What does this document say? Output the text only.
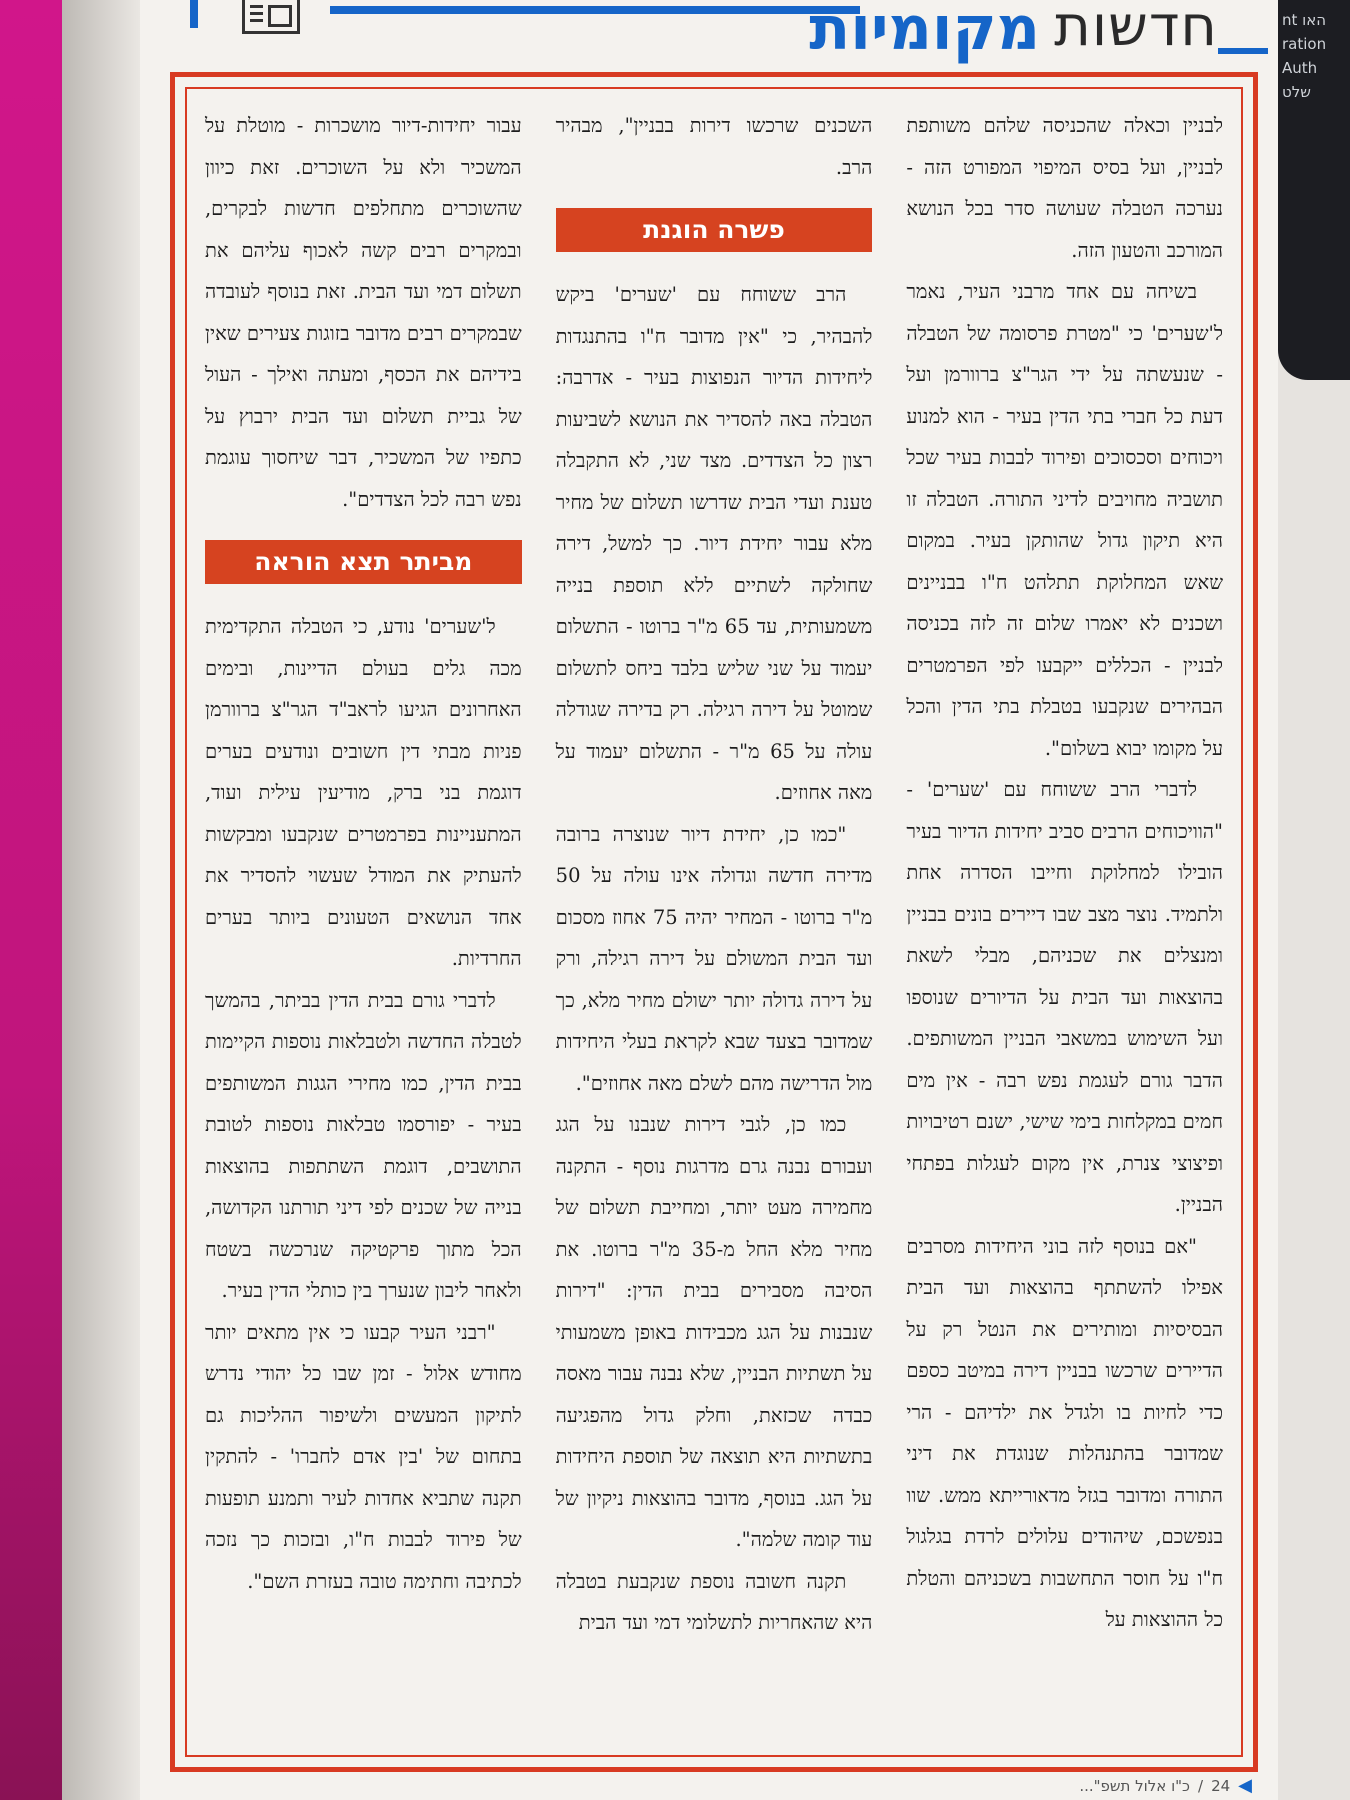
nt האו
ration Auth
שלט
חדשות
מקומיות

לבניין וכאלה שהכניסה שלהם משותפת לבניין, ועל בסיס המיפוי המפורט הזה - נערכה הטבלה שעושה סדר בכל הנושא המורכב והטעון הזה.

בשיחה עם אחד מרבני העיר, נאמר ל'שערים' כי "מטרת פרסומה של הטבלה - שנעשתה על ידי הגר"צ ברוורמן ועל דעת כל חברי בתי הדין בעיר - הוא למנוע ויכוחים וסכסוכים ופירוד לבבות בעיר שכל תושביה מחויבים לדיני התורה. הטבלה זו היא תיקון גדול שהותקן בעיר. במקום שאש המחלוקת תתלהט ח"ו בבניינים ושכנים לא יאמרו שלום זה לזה בכניסה לבניין - הכללים ייקבעו לפי הפרמטרים הבהירים שנקבעו בטבלת בתי הדין והכל על מקומו יבוא בשלום".

לדברי הרב ששוחח עם 'שערים' - "הוויכוחים הרבים סביב יחידות הדיור בעיר הובילו למחלוקת וחייבו הסדרה אחת ולתמיד. נוצר מצב שבו דיירים בונים בבניין ומנצלים את שכניהם, מבלי לשאת בהוצאות ועד הבית על הדיורים שנוספו ועל השימוש במשאבי הבניין המשותפים. הדבר גורם לעגמת נפש רבה - אין מים חמים במקלחות בימי שישי, ישנם רטיבויות ופיצוצי צנרת, אין מקום לעגלות בפתחי הבניין.

"אם בנוסף לזה בוני היחידות מסרבים אפילו להשתתף בהוצאות ועד הבית הבסיסיות ומותירים את הנטל רק על הדיירים שרכשו בבניין דירה במיטב כספם כדי לחיות בו ולגדל את ילדיהם - הרי שמדובר בהתנהלות שנוגדת את דיני התורה ומדובר בגזל מדאורייתא ממש. שוו בנפשכם, שיהודים עלולים לרדת בגלגול ח"ו על חוסר התחשבות בשכניהם והטלת כל ההוצאות על

השכנים שרכשו דירות בבניין", מבהיר הרב.

פשרה הוגנת

הרב ששוחח עם 'שערים' ביקש להבהיר, כי "אין מדובר ח"ו בהתנגדות ליחידות הדיור הנפוצות בעיר - אדרבה: הטבלה באה להסדיר את הנושא לשביעות רצון כל הצדדים. מצד שני, לא התקבלה טענת ועדי הבית שדרשו תשלום של מחיר מלא עבור יחידת דיור. כך למשל, דירה שחולקה לשתיים ללא תוספת בנייה משמעותית, עד 65 מ"ר ברוטו - התשלום יעמוד על שני שליש בלבד ביחס לתשלום שמוטל על דירה רגילה. רק בדירה שגודלה עולה על 65 מ"ר - התשלום יעמוד על מאה אחוזים.

"כמו כן, יחידת דיור שנוצרה ברובה מדירה חדשה וגדולה אינו עולה על 50 מ"ר ברוטו - המחיר יהיה 75 אחוז מסכום ועד הבית המשולם על דירה רגילה, ורק על דירה גדולה יותר ישולם מחיר מלא, כך שמדובר בצעד שבא לקראת בעלי היחידות מול הדרישה מהם לשלם מאה אחוזים".

כמו כן, לגבי דירות שנבנו על הגג ועבורם נבנה גרם מדרגות נוסף - התקנה מחמירה מעט יותר, ומחייבת תשלום של מחיר מלא החל מ-35 מ"ר ברוטו. את הסיבה מסבירים בבית הדין: "דירות שנבנות על הגג מכבידות באופן משמעותי על תשתיות הבניין, שלא נבנה עבור מאסה כבדה שכזאת, וחלק גדול מהפגיעה בתשתיות היא תוצאה של תוספת היחידות על הגג. בנוסף, מדובר בהוצאות ניקיון של עוד קומה שלמה".

תקנה חשובה נוספת שנקבעת בטבלה היא שהאחריות לתשלומי דמי ועד הבית

עבור יחידות-דיור מושכרות - מוטלת על המשכיר ולא על השוכרים. זאת כיוון שהשוכרים מתחלפים חדשות לבקרים, ובמקרים רבים קשה לאכוף עליהם את תשלום דמי ועד הבית. זאת בנוסף לעובדה שבמקרים רבים מדובר בזוגות צעירים שאין בידיהם את הכסף, ומעתה ואילך - העול של גביית תשלום ועד הבית ירבוץ על כתפיו של המשכיר, דבר שיחסוך עוגמת נפש רבה לכל הצדדים".

מביתר תצא הוראה

ל'שערים' נודע, כי הטבלה התקדימית מכה גלים בעולם הדיינות, ובימים האחרונים הגיעו לראב"ד הגר"צ ברוורמן פניות מבתי דין חשובים ונודעים בערים דוגמת בני ברק, מודיעין עילית ועוד, המתעניינות בפרמטרים שנקבעו ומבקשות להעתיק את המודל שעשוי להסדיר את אחד הנושאים הטעונים ביותר בערים החרדיות.

לדברי גורם בבית הדין בביתר, בהמשך לטבלה החדשה ולטבלאות נוספות הקיימות בבית הדין, כמו מחירי הגגות המשותפים בעיר - יפורסמו טבלאות נוספות לטובת התושבים, דוגמת השתתפות בהוצאות בנייה של שכנים לפי דיני תורתנו הקדושה, הכל מתוך פרקטיקה שנרכשה בשטח ולאחר ליבון שנערך בין כותלי הדין בעיר.

"רבני העיר קבעו כי אין מתאים יותר מחודש אלול - זמן שבו כל יהודי נדרש לתיקון המעשים ולשיפור ההליכות גם בתחום של 'בין אדם לחברו' - להתקין תקנה שתביא אחדות לעיר ותמנע תופעות של פירוד לבבות ח"ו, ובזכות כך נזכה לכתיבה וחתימה טובה בעזרת השם".

◀
24
/
כ"ו אלול תשפ"...
